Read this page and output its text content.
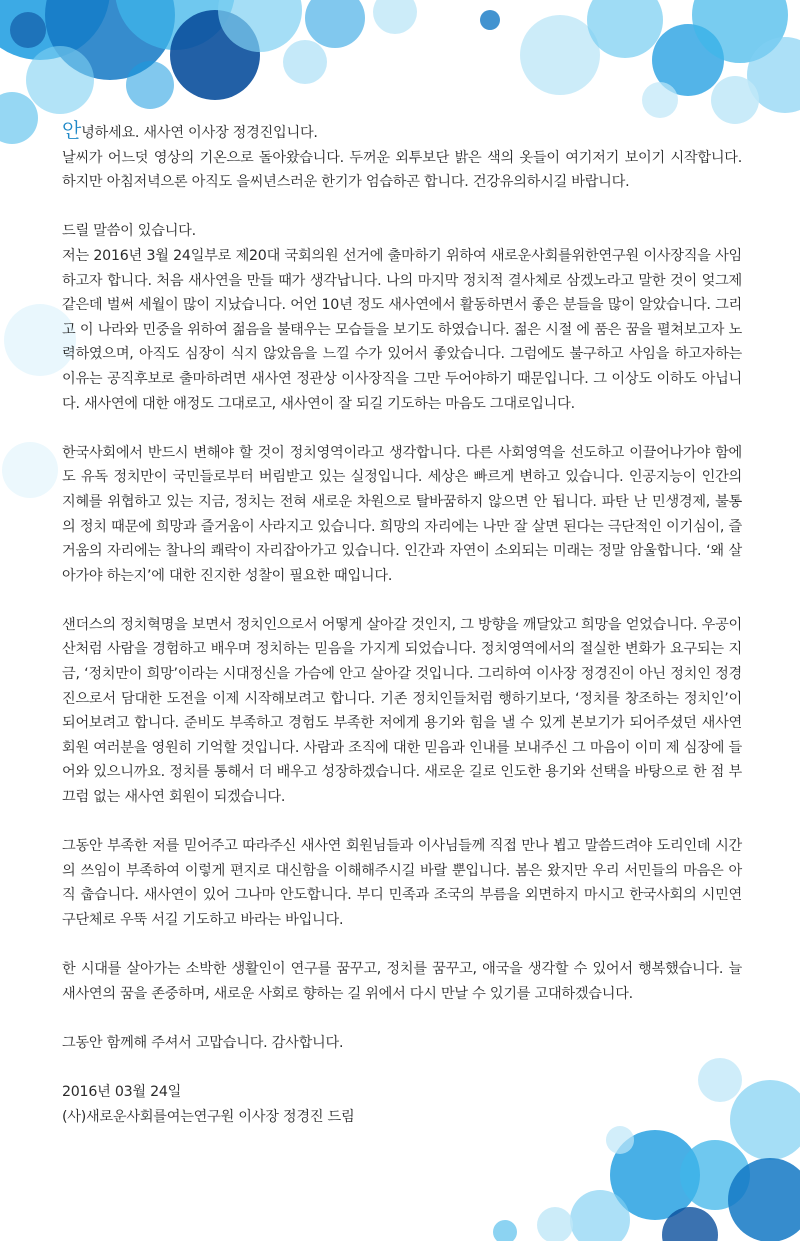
안녕하세요. 새사연 이사장 정경진입니다.
날씨가 어느덧 영상의 기온으로 돌아왔습니다. 두꺼운 외투보단 밝은 색의 옷들이 여기저기 보이기 시작합니다. 하지만 아침저녁으론 아직도 을씨년스러운 한기가 엄습하곤 합니다. 건강유의하시길 바랍니다.

드릴 말씀이 있습니다.
저는 2016년 3월 24일부로 제20대 국회의원 선거에 출마하기 위하여 새로운사회를위한연구원 이사장직을 사임하고자 합니다. 처음 새사연을 만들 때가 생각납니다. 나의 마지막 정치적 결사체로 삼겠노라고 말한 것이 엊그제 같은데 벌써 세월이 많이 지났습니다. 어언 10년 정도 새사연에서 활동하면서 좋은 분들을 많이 알았습니다. 그리고 이 나라와 민중을 위하여 젊음을 불태우는 모습들을 보기도 하였습니다. 젊은 시절 에 품은 꿈을 펼쳐보고자 노력하였으며, 아직도 심장이 식지 않았음을 느낄 수가 있어서 좋았습니다. 그럼에도 불구하고 사임을 하고자하는 이유는 공직후보로 출마하려면 새사연 정관상 이사장직을 그만 두어야하기 때문입니다. 그 이상도 이하도 아닙니다. 새사연에 대한 애정도 그대로고, 새사연이 잘 되길 기도하는 마음도 그대로입니다.

한국사회에서 반드시 변해야 할 것이 정치영역이라고 생각합니다. 다른 사회영역을 선도하고 이끌어나가야 함에도 유독 정치만이 국민들로부터 버림받고 있는 실정입니다. 세상은 빠르게 변하고 있습니다. 인공지능이 인간의 지혜를 위협하고 있는 지금, 정치는 전혀 새로운 차원으로 탈바꿈하지 않으면 안 됩니다. 파탄 난 민생경제, 불통의 정치 때문에 희망과 즐거움이 사라지고 있습니다. 희망의 자리에는 나만 잘 살면 된다는 극단적인 이기심이, 즐거움의 자리에는 찰나의 쾌락이 자리잡아가고 있습니다. 인간과 자연이 소외되는 미래는 정말 암울합니다. ‘왜 살아가야 하는지’에 대한 진지한 성찰이 필요한 때입니다.

샌더스의 정치혁명을 보면서 정치인으로서 어떻게 살아갈 것인지, 그 방향을 깨달았고 희망을 얻었습니다. 우공이산처럼 사람을 경험하고 배우며 정치하는 믿음을 가지게 되었습니다. 정치영역에서의 절실한 변화가 요구되는 지금, ‘정치만이 희망’이라는 시대정신을 가슴에 안고 살아갈 것입니다. 그리하여 이사장 정경진이 아닌 정치인 정경진으로서 담대한 도전을 이제 시작해보려고 합니다. 기존 정치인들처럼 행하기보다, ‘정치를 창조하는 정치인’이 되어보려고 합니다. 준비도 부족하고 경험도 부족한 저에게 용기와 힘을 낼 수 있게 본보기가 되어주셨던 새사연 회원 여러분을 영원히 기억할 것입니다. 사람과 조직에 대한 믿음과 인내를 보내주신 그 마음이 이미 제 심장에 들어와 있으니까요. 정치를 통해서 더 배우고 성장하겠습니다. 새로운 길로 인도한 용기와 선택을 바탕으로 한 점 부끄럼 없는 새사연 회원이 되겠습니다.

그동안 부족한 저를 믿어주고 따라주신 새사연 회원님들과 이사님들께 직접 만나 뵙고 말씀드려야 도리인데 시간의 쓰임이 부족하여 이렇게 편지로 대신함을 이해해주시길 바랄 뿐입니다. 봄은 왔지만 우리 서민들의 마음은 아직 춥습니다. 새사연이 있어 그나마 안도합니다. 부디 민족과 조국의 부름을 외면하지 마시고 한국사회의 시민연구단체로 우뚝 서길 기도하고 바라는 바입니다.

한 시대를 살아가는 소박한 생활인이 연구를 꿈꾸고, 정치를 꿈꾸고, 애국을 생각할 수 있어서 행복했습니다. 늘 새사연의 꿈을 존중하며, 새로운 사회로 향하는 길 위에서 다시 만날 수 있기를 고대하겠습니다.

그동안 함께해 주셔서 고맙습니다. 감사합니다.

2016년 03월 24일

(사)새로운사회를여는연구원 이사장 정경진 드림
